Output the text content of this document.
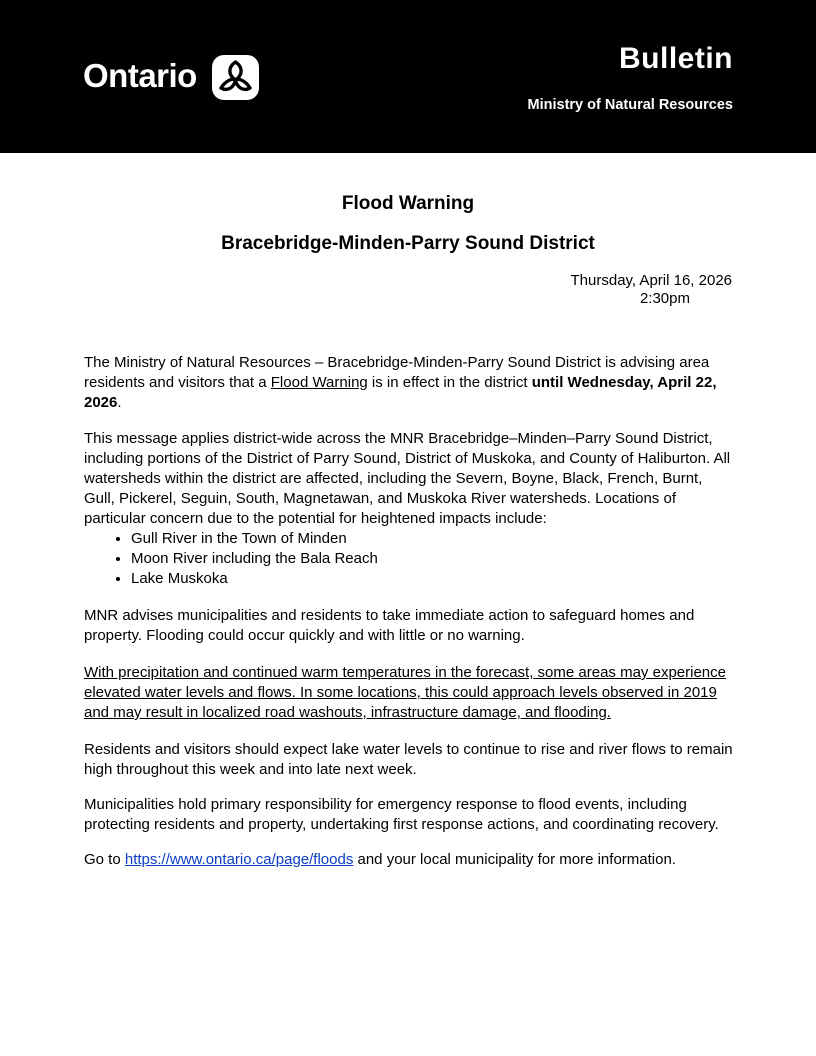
Ontario	Bulletin
Ministry of Natural Resources
Flood Warning
Bracebridge-Minden-Parry Sound District
Thursday, April 16, 2026
2:30pm

The Ministry of Natural Resources – Bracebridge-Minden-Parry Sound District is advising area residents and visitors that a Flood Warning is in effect in the district until Wednesday, April 22, 2026.

This message applies district-wide across the MNR Bracebridge–Minden–Parry Sound District, including portions of the District of Parry Sound, District of Muskoka, and County of Haliburton. All watersheds within the district are affected, including the Severn, Boyne, Black, French, Burnt, Gull, Pickerel, Seguin, South, Magnetawan, and Muskoka River watersheds. Locations of particular concern due to the potential for heightened impacts include:

• Gull River in the Town of Minden
• Moon River including the Bala Reach
• Lake Muskoka

MNR advises municipalities and residents to take immediate action to safeguard homes and property. Flooding could occur quickly and with little or no warning.

With precipitation and continued warm temperatures in the forecast, some areas may experience elevated water levels and flows. In some locations, this could approach levels observed in 2019 and may result in localized road washouts, infrastructure damage, and flooding.

Residents and visitors should expect lake water levels to continue to rise and river flows to remain high throughout this week and into late next week.

Municipalities hold primary responsibility for emergency response to flood events, including protecting residents and property, undertaking first response actions, and coordinating recovery.

Go to https://www.ontario.ca/page/floods and your local municipality for more information.
